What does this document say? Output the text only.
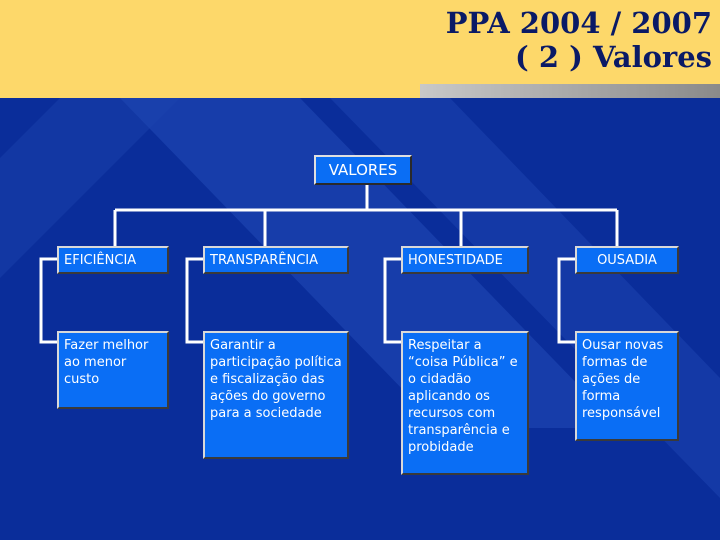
PPA 2004 / 2007
( 2 ) Valores
VALORES
EFICIÊNCIA	TRANSPARÊNCIA	HONESTIDADE	OUSADIA
Fazer melhor ao menor custo
Garantir a participação política e fiscalização das ações do governo para a sociedade
Respeitar a “coisa Pública” e o cidadão aplicando os recursos com transparência e probidade
Ousar novas formas de ações de forma responsável
